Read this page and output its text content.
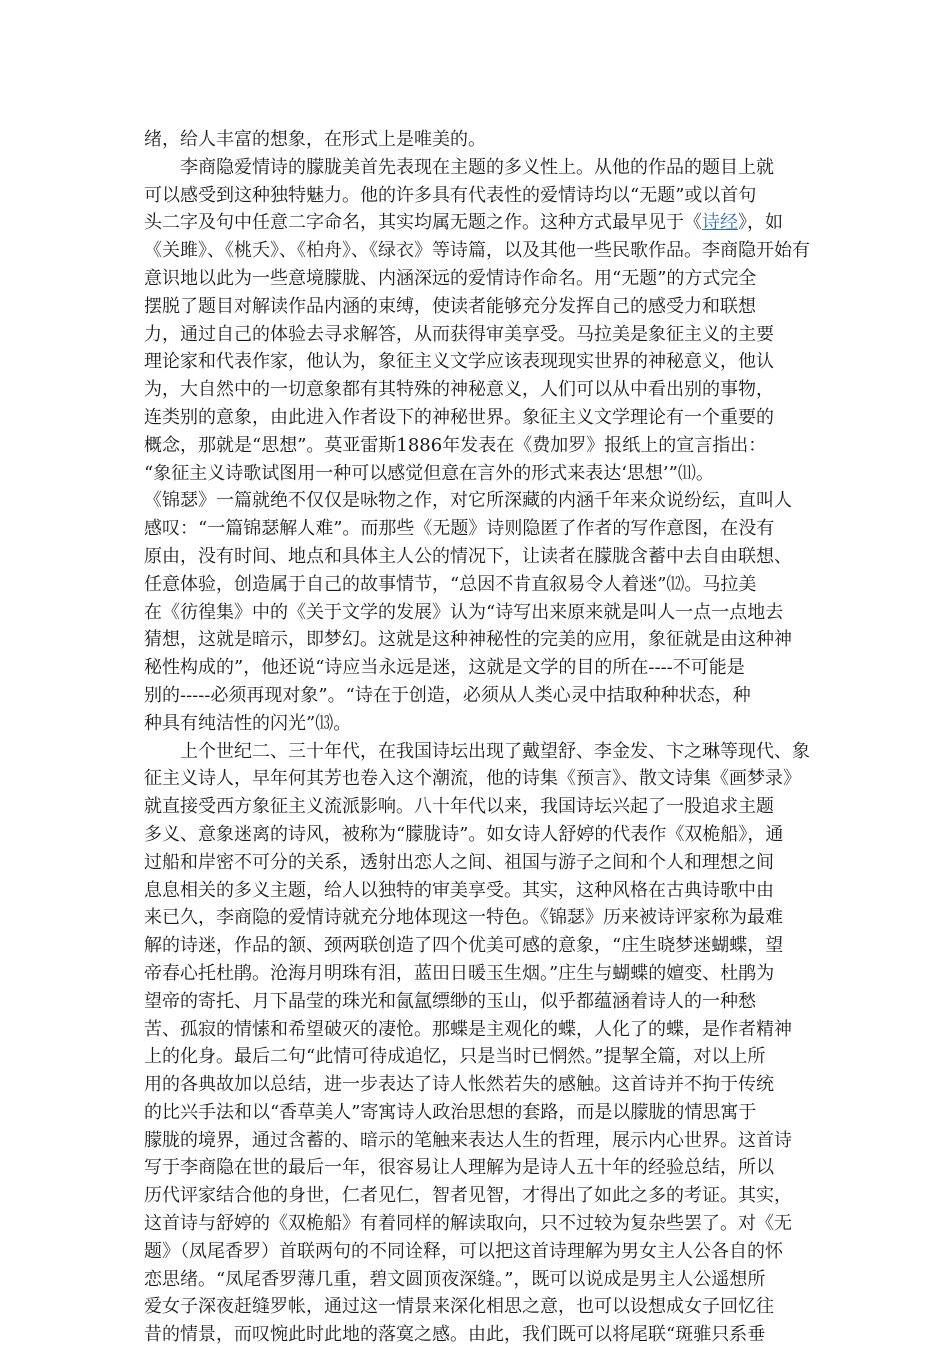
绪，给人丰富的想象，在形式上是唯美的。
李商隐爱情诗的朦胧美首先表现在主题的多义性上。从他的作品的题目上就
可以感受到这种独特魅力。他的许多具有代表性的爱情诗均以“无题”或以首句
头二字及句中任意二字命名，其实均属无题之作。这种方式最早见于《诗经》，如
《关雎》、《桃夭》、《柏舟》、《绿衣》等诗篇，以及其他一些民歌作品。李商隐开始有
意识地以此为一些意境朦胧、内涵深远的爱情诗作命名。用“无题”的方式完全
摆脱了题目对解读作品内涵的束缚，使读者能够充分发挥自己的感受力和联想
力，通过自己的体验去寻求解答，从而获得审美享受。马拉美是象征主义的主要
理论家和代表作家，他认为，象征主义文学应该表现现实世界的神秘意义，他认
为，大自然中的一切意象都有其特殊的神秘意义，人们可以从中看出别的事物，
连类别的意象，由此进入作者设下的神秘世界。象征主义文学理论有一个重要的
概念，那就是“思想”。莫亚雷斯1886年发表在《费加罗》报纸上的宣言指出：
“象征主义诗歌试图用一种可以感觉但意在言外的形式来表达‘思想’”⑾。
《锦瑟》一篇就绝不仅仅是咏物之作，对它所深藏的内涵千年来众说纷纭，直叫人
感叹：“一篇锦瑟解人难”。而那些《无题》诗则隐匿了作者的写作意图，在没有
原由，没有时间、地点和具体主人公的情况下，让读者在朦胧含蓄中去自由联想、
任意体验，创造属于自己的故事情节，“总因不肯直叙易令人着迷”⑿。马拉美
在《彷徨集》中的《关于文学的发展》认为“诗写出来原来就是叫人一点一点地去
猜想，这就是暗示，即梦幻。这就是这种神秘性的完美的应用，象征就是由这种神
秘性构成的”，他还说“诗应当永远是迷，这就是文学的目的所在----不可能是
别的-----必须再现对象”。“诗在于创造，必须从人类心灵中拮取种种状态，种
种具有纯洁性的闪光”⒀。
上个世纪二、三十年代，在我国诗坛出现了戴望舒、李金发、卞之琳等现代、象
征主义诗人，早年何其芳也卷入这个潮流，他的诗集《预言》、散文诗集《画梦录》
就直接受西方象征主义流派影响。八十年代以来，我国诗坛兴起了一股追求主题
多义、意象迷离的诗风，被称为“朦胧诗”。如女诗人舒婷的代表作《双桅船》，通
过船和岸密不可分的关系，透射出恋人之间、祖国与游子之间和个人和理想之间
息息相关的多义主题，给人以独特的审美享受。其实，这种风格在古典诗歌中由
来已久，李商隐的爱情诗就充分地体现这一特色。《锦瑟》历来被诗评家称为最难
解的诗迷，作品的颔、颈两联创造了四个优美可感的意象，“庄生晓梦迷蝴蝶，望
帝春心托杜鹃。沧海月明珠有泪，蓝田日暖玉生烟。”庄生与蝴蝶的嬗变、杜鹃为
望帝的寄托、月下晶莹的珠光和氤氲缥缈的玉山，似乎都蕴涵着诗人的一种愁
苦、孤寂的情愫和希望破灭的凄怆。那蝶是主观化的蝶，人化了的蝶，是作者精神
上的化身。最后二句“此情可待成追忆，只是当时已惘然。”提挈全篇，对以上所
用的各典故加以总结，进一步表达了诗人怅然若失的感触。这首诗并不拘于传统
的比兴手法和以“香草美人”寄寓诗人政治思想的套路，而是以朦胧的情思寓于
朦胧的境界，通过含蓄的、暗示的笔触来表达人生的哲理，展示内心世界。这首诗
写于李商隐在世的最后一年，很容易让人理解为是诗人五十年的经验总结，所以
历代评家结合他的身世，仁者见仁，智者见智，才得出了如此之多的考证。其实，
这首诗与舒婷的《双桅船》有着同样的解读取向，只不过较为复杂些罢了。对《无
题》（凤尾香罗）首联两句的不同诠释，可以把这首诗理解为男女主人公各自的怀
恋思绪。“凤尾香罗薄几重，碧文圆顶夜深缝。”，既可以说成是男主人公遥想所
爱女子深夜赶缝罗帐，通过这一情景来深化相思之意，也可以设想成女子回忆往
昔的情景，而叹惋此时此地的落寞之感。由此，我们既可以将尾联“斑骓只系垂
